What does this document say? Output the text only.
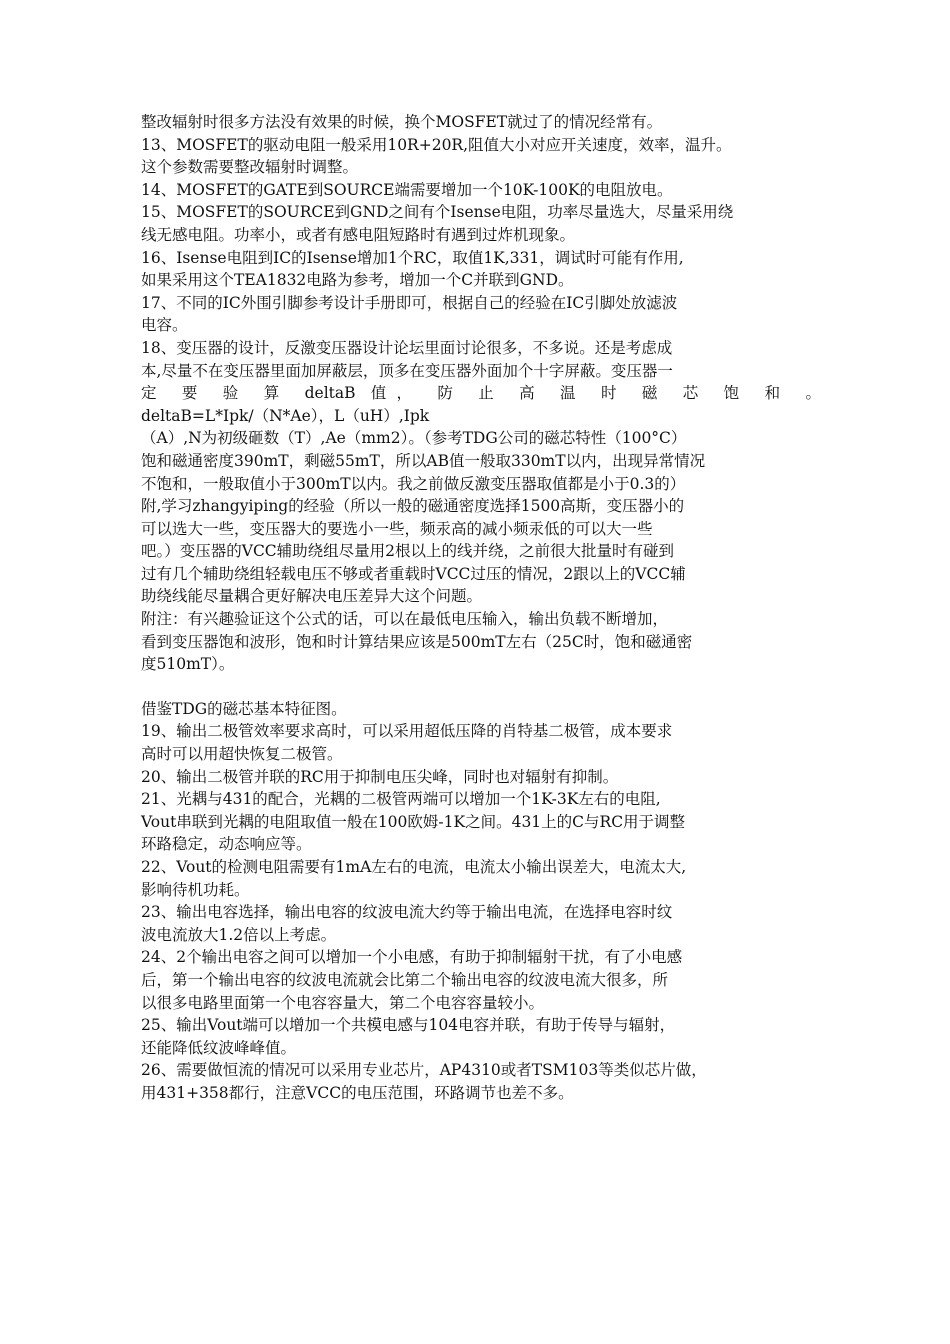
整改辐射时很多方法没有效果的时候，换个MOSFET就过了的情况经常有。

13、MOSFET的驱动电阻一般采用10R+20R,阻值大小对应开关速度，效率，温升。
这个参数需要整改辐射时调整。

14、MOSFET的GATE到SOURCE端需要增加一个10K-100K的电阻放电。

15、MOSFET的SOURCE到GND之间有个Isense电阻，功率尽量选大，尽量采用绕
线无感电阻。功率小，或者有感电阻短路时有遇到过炸机现象。

16、Isense电阻到IC的Isense增加1个RC，取值1K,331，调试时可能有作用,
如果采用这个TEA1832电路为参考，增加一个C并联到GND。

17、不同的IC外围引脚参考设计手册即可，根据自己的经验在IC引脚处放滤波
电容。

18、变压器的设计，反激变压器设计论坛里面讨论很多，不多说。还是考虑成
本,尽量不在变压器里面加屏蔽层，顶多在变压器外面加个十字屏蔽。变压器一
定 要 验 算 deltaB 值， 防 止 高 温 时 磁 芯 饱 和 。
deltaB=L*Ipk/（N*Ae），L（uH）,Ipk
（A）,N为初级砸数（T）,Ae（mm2）。（参考TDG公司的磁芯特性（100°C）
饱和磁通密度390mT，剩磁55mT，所以AB值一般取330mT以内，出现异常情况
不饱和，一般取值小于300mT以内。我之前做反激变压器取值都是小于0.3的）
附,学习zhangyiping的经验（所以一般的磁通密度选择1500高斯，变压器小的
可以选大一些，变压器大的要选小一些，频汞高的减小频汞低的可以大一些
吧。）变压器的VCC辅助绕组尽量用2根以上的线并绕，之前很大批量时有碰到
过有几个辅助绕组轻载电压不够或者重载时VCC过压的情况，2跟以上的VCC辅
助绕线能尽量耦合更好解决电压差异大这个问题。

附注：有兴趣验证这个公式的话，可以在最低电压输入，输出负载不断增加，
看到变压器饱和波形，饱和时计算结果应该是500mT左右（25C时，饱和磁通密
度510mT）。

借鉴TDG的磁芯基本特征图。

19、输出二极管效率要求高时，可以采用超低压降的肖特基二极管，成本要求
高时可以用超快恢复二极管。

20、输出二极管并联的RC用于抑制电压尖峰，同时也对辐射有抑制。

21、光耦与431的配合，光耦的二极管两端可以增加一个1K-3K左右的电阻,
Vout串联到光耦的电阻取值一般在100欧姆-1K之间。431上的C与RC用于调整
环路稳定，动态响应等。

22、Vout的检测电阻需要有1mA左右的电流，电流太小输出误差大，电流太大,
影响待机功耗。

23、输出电容选择，输出电容的纹波电流大约等于输出电流，在选择电容时纹
波电流放大1.2倍以上考虑。

24、2个输出电容之间可以增加一个小电感，有助于抑制辐射干扰，有了小电感
后，第一个输出电容的纹波电流就会比第二个输出电容的纹波电流大很多，所
以很多电路里面第一个电容容量大，第二个电容容量较小。

25、输出Vout端可以增加一个共模电感与104电容并联，有助于传导与辐射，
还能降低纹波峰峰值。

26、需要做恒流的情况可以采用专业芯片，AP4310或者TSM103等类似芯片做，
用431+358都行，注意VCC的电压范围，环路调节也差不多。
